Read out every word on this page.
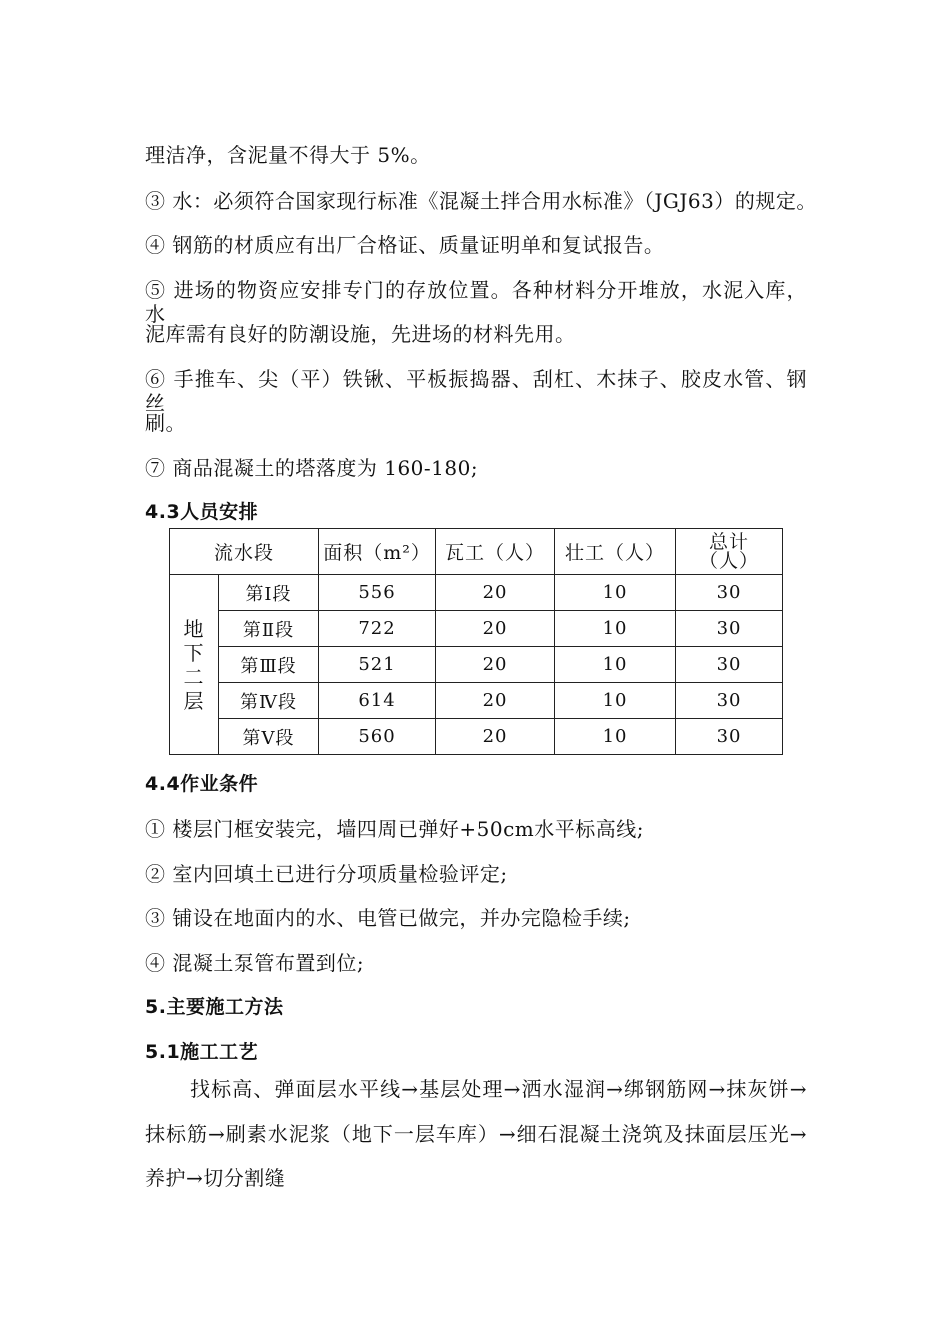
理洁净，含泥量不得大于 5%。
③ 水：必须符合国家现行标准《混凝土拌合用水标准》（JGJ63）的规定。
④ 钢筋的材质应有出厂合格证、质量证明单和复试报告。
⑤ 进场的物资应安排专门的存放位置。各种材料分开堆放，水泥入库，水
泥库需有良好的防潮设施，先进场的材料先用。
⑥ 手推车、尖（平）铁锹、平板振捣器、刮杠、木抹子、胶皮水管、钢丝
刷。
⑦ 商品混凝土的塔落度为 160-180;
4.3人员安排
流水段		面积（m²）	瓦工（人）	壮工（人）	总计
（人）

地下二层	第Ⅰ段	556	20	10	30
	第Ⅱ段	722	20	10	30
	第Ⅲ段	521	20	10	30
	第Ⅳ段	614	20	10	30
	第Ⅴ段	560	20	10	30
4.4作业条件
① 楼层门框安装完，墙四周已弹好+50cm水平标高线;
② 室内回填土已进行分项质量检验评定;
③ 铺设在地面内的水、电管已做完，并办完隐检手续;
④ 混凝土泵管布置到位;
5.主要施工方法
5.1施工工艺
找标高、弹面层水平线→基层处理→洒水湿润→绑钢筋网→抹灰饼→
抹标筋→刷素水泥浆（地下一层车库）→细石混凝土浇筑及抹面层压光→
养护→切分割缝
